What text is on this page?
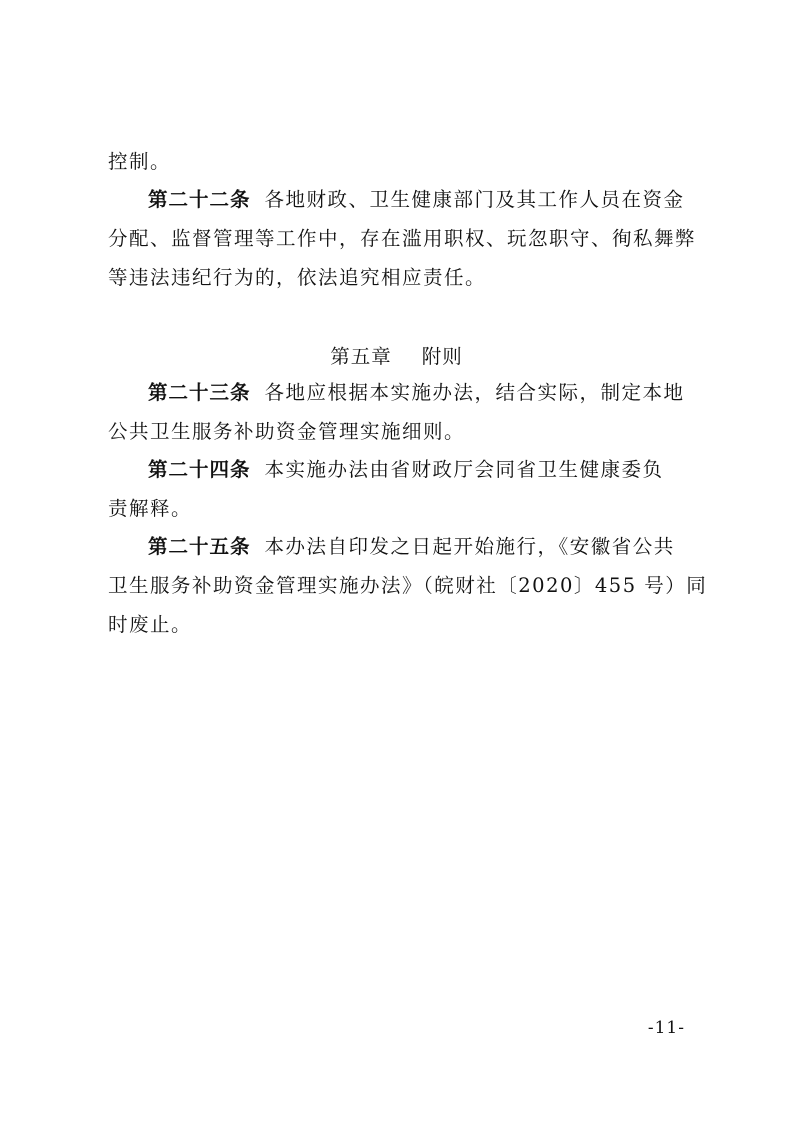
控制。
第二十二条 各地财政、卫生健康部门及其工作人员在资金
分配、监督管理等工作中，存在滥用职权、玩忽职守、徇私舞弊
等违法违纪行为的，依法追究相应责任。
第五章 附则
第二十三条 各地应根据本实施办法，结合实际，制定本地
公共卫生服务补助资金管理实施细则。
第二十四条 本实施办法由省财政厅会同省卫生健康委负
责解释。
第二十五条 本办法自印发之日起开始施行，《安徽省公共
卫生服务补助资金管理实施办法》（皖财社〔2020〕455 号）同
时废止。
-11-
